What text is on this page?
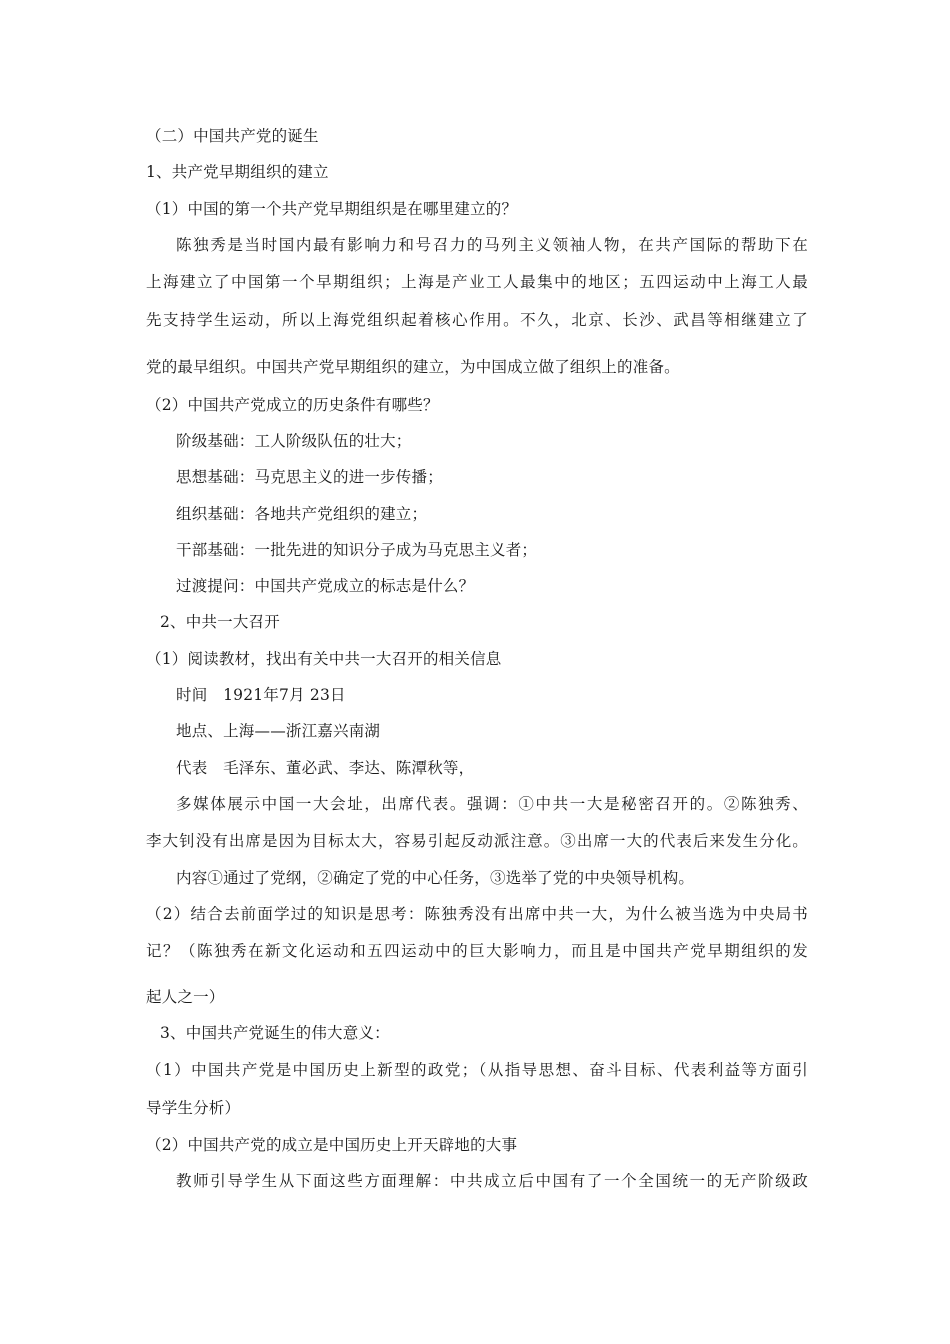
（二）中国共产党的诞生
1、共产党早期组织的建立
（1）中国的第一个共产党早期组织是在哪里建立的？
陈独秀是当时国内最有影响力和号召力的马列主义领袖人物，在共产国际的帮助下在
上海建立了中国第一个早期组织；上海是产业工人最集中的地区；五四运动中上海工人最
先支持学生运动，所以上海党组织起着核心作用。不久，北京、长沙、武昌等相继建立了
党的最早组织。中国共产党早期组织的建立，为中国成立做了组织上的准备。
（2）中国共产党成立的历史条件有哪些？
阶级基础：工人阶级队伍的壮大；
思想基础：马克思主义的进一步传播；
组织基础：各地共产党组织的建立；
干部基础：一批先进的知识分子成为马克思主义者；
过渡提问：中国共产党成立的标志是什么？
2、中共一大召开
（1）阅读教材，找出有关中共一大召开的相关信息
时间　1921年7月 23日
地点、上海——浙江嘉兴南湖
代表　毛泽东、董必武、李达、陈潭秋等，
多媒体展示中国一大会址，出席代表。强调：①中共一大是秘密召开的。②陈独秀、
李大钊没有出席是因为目标太大，容易引起反动派注意。③出席一大的代表后来发生分化。
内容①通过了党纲，②确定了党的中心任务，③选举了党的中央领导机构。
（2）结合去前面学过的知识是思考：陈独秀没有出席中共一大，为什么被当选为中央局书
记？（陈独秀在新文化运动和五四运动中的巨大影响力，而且是中国共产党早期组织的发
起人之一）
3、中国共产党诞生的伟大意义：
（1）中国共产党是中国历史上新型的政党；（从指导思想、奋斗目标、代表利益等方面引
导学生分析）
（2）中国共产党的成立是中国历史上开天辟地的大事
教师引导学生从下面这些方面理解：中共成立后中国有了一个全国统一的无产阶级政
